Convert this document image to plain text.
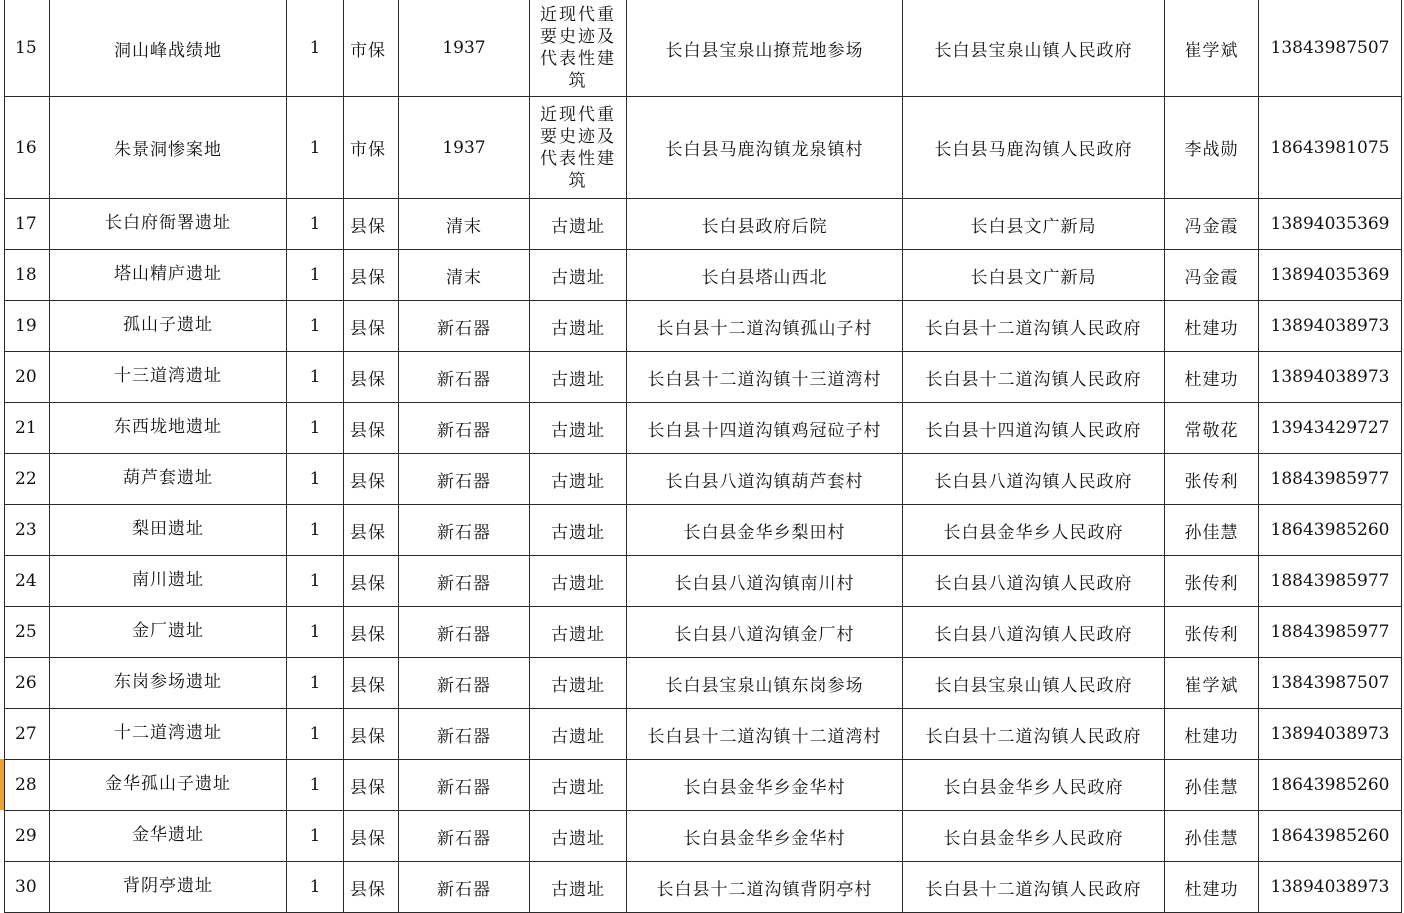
15	洞山峰战绩地	1	市保	1937	近现代重要史迹及代表性建筑	长白县宝泉山撩荒地参场	长白县宝泉山镇人民政府	崔学斌	13843987507
16	朱景洞惨案地	1	市保	1937	近现代重要史迹及代表性建筑	长白县马鹿沟镇龙泉镇村	长白县马鹿沟镇人民政府	李战勋	18643981075
17	长白府衙署遗址	1	县保	清末	古遗址	长白县政府后院	长白县文广新局	冯金霞	13894035369
18	塔山精庐遗址	1	县保	清末	古遗址	长白县塔山西北	长白县文广新局	冯金霞	13894035369
19	孤山子遗址	1	县保	新石器	古遗址	长白县十二道沟镇孤山子村	长白县十二道沟镇人民政府	杜建功	13894038973
20	十三道湾遗址	1	县保	新石器	古遗址	长白县十二道沟镇十三道湾村	长白县十二道沟镇人民政府	杜建功	13894038973
21	东西垅地遗址	1	县保	新石器	古遗址	长白县十四道沟镇鸡冠砬子村	长白县十四道沟镇人民政府	常敬花	13943429727
22	葫芦套遗址	1	县保	新石器	古遗址	长白县八道沟镇葫芦套村	长白县八道沟镇人民政府	张传利	18843985977
23	梨田遗址	1	县保	新石器	古遗址	长白县金华乡梨田村	长白县金华乡人民政府	孙佳慧	18643985260
24	南川遗址	1	县保	新石器	古遗址	长白县八道沟镇南川村	长白县八道沟镇人民政府	张传利	18843985977
25	金厂遗址	1	县保	新石器	古遗址	长白县八道沟镇金厂村	长白县八道沟镇人民政府	张传利	18843985977
26	东岗参场遗址	1	县保	新石器	古遗址	长白县宝泉山镇东岗参场	长白县宝泉山镇人民政府	崔学斌	13843987507
27	十二道湾遗址	1	县保	新石器	古遗址	长白县十二道沟镇十二道湾村	长白县十二道沟镇人民政府	杜建功	13894038973
28	金华孤山子遗址	1	县保	新石器	古遗址	长白县金华乡金华村	长白县金华乡人民政府	孙佳慧	18643985260
29	金华遗址	1	县保	新石器	古遗址	长白县金华乡金华村	长白县金华乡人民政府	孙佳慧	18643985260
30	背阴亭遗址	1	县保	新石器	古遗址	长白县十二道沟镇背阴亭村	长白县十二道沟镇人民政府	杜建功	13894038973
